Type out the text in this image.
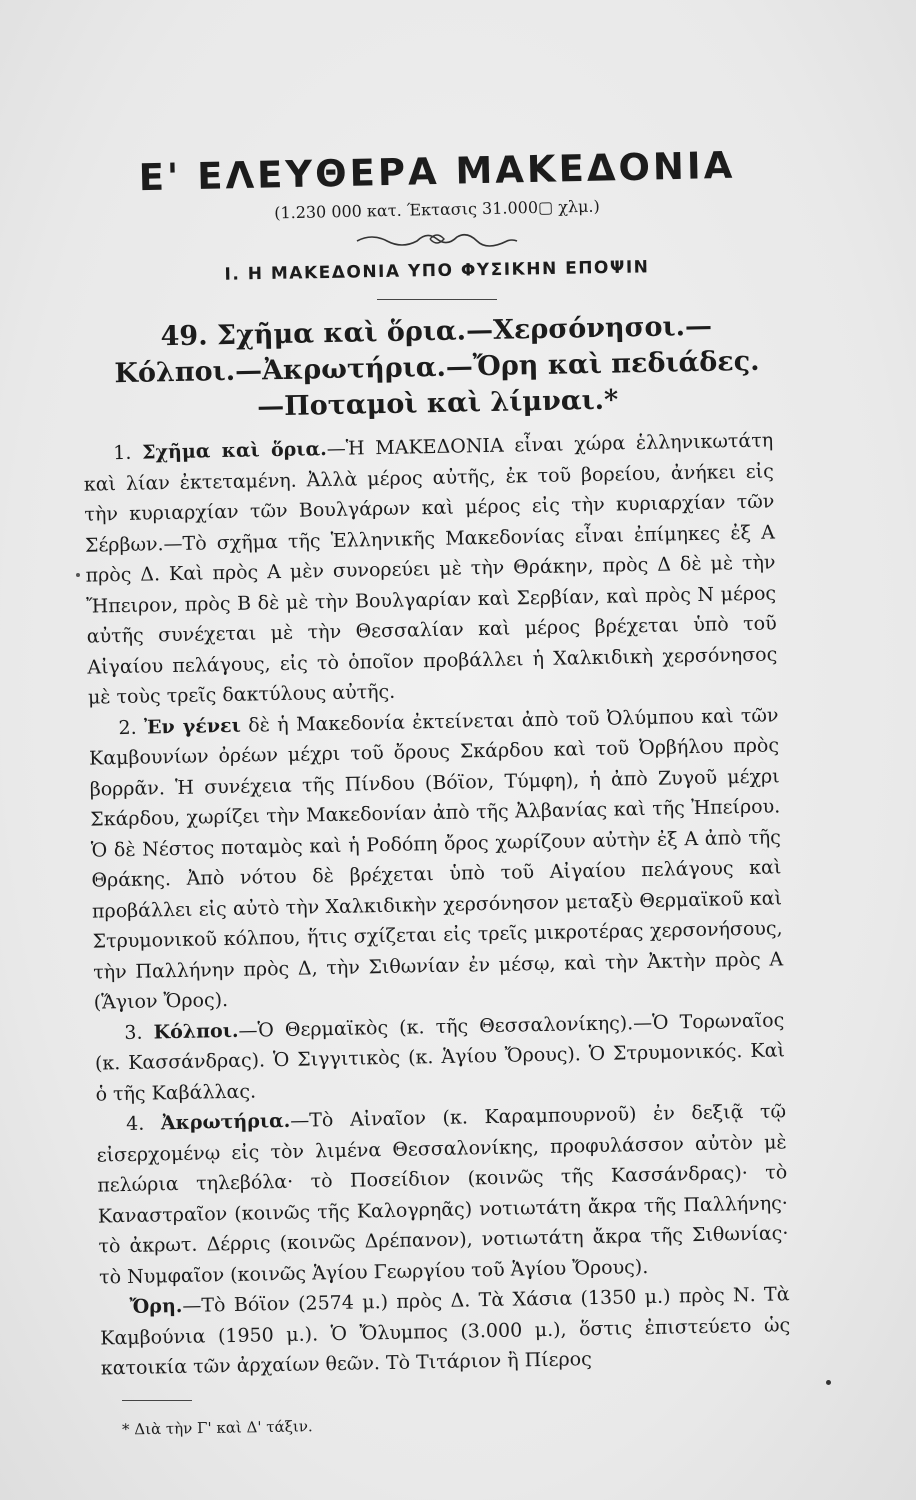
Ε' ΕΛΕΥΘΕΡΑ ΜΑΚΕΔΟΝΙΑ
(1.230 000 κατ. Έκτασις 31.000▢ χλμ.)
Ι. Η ΜΑΚΕΔΟΝΙΑ ΥΠΟ ΦΥΣΙΚΗΝ ΕΠΟΨΙΝ
49. Σχῆμα καὶ ὅρια.—Χερσόνησοι.—Κόλποι.—Ἀκρωτήρια.—Ὄρη καὶ πεδιάδες.—Ποταμοὶ καὶ λίμναι.*

1. Σχῆμα καὶ ὅρια.—Ἡ ΜΑΚΕΔΟΝΙΑ εἶναι χώρα ἑλληνικωτάτη καὶ λίαν ἐκτεταμένη. Ἀλλὰ μέρος αὐτῆς, ἐκ τοῦ βορείου, ἀνήκει εἰς τὴν κυριαρχίαν τῶν Βουλγάρων καὶ μέρος εἰς τὴν κυριαρχίαν τῶν Σέρβων.—Τὸ σχῆμα τῆς Ἑλληνικῆς Μακεδονίας εἶναι ἐπίμηκες ἐξ Α πρὸς Δ. Καὶ πρὸς Α μὲν συνορεύει μὲ τὴν Θράκην, πρὸς Δ δὲ μὲ τὴν Ἤπειρον, πρὸς Β δὲ μὲ τὴν Βουλγαρίαν καὶ Σερβίαν, καὶ πρὸς Ν μέρος αὐτῆς συνέχεται μὲ τὴν Θεσσαλίαν καὶ μέρος βρέχεται ὑπὸ τοῦ Αἰγαίου πελάγους, εἰς τὸ ὁποῖον προβάλλει ἡ Χαλκιδικὴ χερσόνησος μὲ τοὺς τρεῖς δακτύλους αὐτῆς.

2. Ἐν γένει δὲ ἡ Μακεδονία ἐκτείνεται ἀπὸ τοῦ Ὀλύμπου καὶ τῶν Καμβουνίων ὀρέων μέχρι τοῦ ὄρους Σκάρδου καὶ τοῦ Ὀρβήλου πρὸς βορρᾶν. Ἡ συνέχεια τῆς Πίνδου (Βόϊον, Τύμφη), ἡ ἀπὸ Ζυγοῦ μέχρι Σκάρδου, χωρίζει τὴν Μακεδονίαν ἀπὸ τῆς Ἀλβανίας καὶ τῆς Ἠπείρου. Ὁ δὲ Νέστος ποταμὸς καὶ ἡ Ροδόπη ὄρος χωρίζουν αὐτὴν ἐξ Α ἀπὸ τῆς Θράκης. Ἀπὸ νότου δὲ βρέχεται ὑπὸ τοῦ Αἰγαίου πελάγους καὶ προβάλλει εἰς αὐτὸ τὴν Χαλκιδικὴν χερσόνησον μεταξὺ Θερμαϊκοῦ καὶ Στρυμονικοῦ κόλπου, ἥτις σχίζεται εἰς τρεῖς μικροτέρας χερσονήσους, τὴν Παλλήνην πρὸς Δ, τὴν Σιθωνίαν ἐν μέσῳ, καὶ τὴν Ἀκτὴν πρὸς Α (Ἅγιον Ὄρος).

3. Κόλποι.—Ὁ Θερμαϊκὸς (κ. τῆς Θεσσαλονίκης).—Ὁ Τορωναῖος (κ. Κασσάνδρας). Ὁ Σιγγιτικὸς (κ. Ἁγίου Ὄρους). Ὁ Στρυμονικός. Καὶ ὁ τῆς Καβάλλας.

4. Ἀκρωτήρια.—Τὸ Αἰναῖον (κ. Καραμπουρνοῦ) ἐν δεξιᾷ τῷ εἰσερχομένῳ εἰς τὸν λιμένα Θεσσαλονίκης, προφυλάσσον αὐτὸν μὲ πελώρια τηλεβόλα· τὸ Ποσείδιον (κοινῶς τῆς Κασσάνδρας)· τὸ Καναστραῖον (κοινῶς τῆς Καλογρηᾶς) νοτιωτάτη ἄκρα τῆς Παλλήνης· τὸ ἀκρωτ. Δέρρις (κοινῶς Δρέπανον), νοτιωτάτη ἄκρα τῆς Σιθωνίας· τὸ Νυμφαῖον (κοινῶς Ἁγίου Γεωργίου τοῦ Ἁγίου Ὄρους).

Ὄρη.—Τὸ Βόϊον (2574 μ.) πρὸς Δ. Τὰ Χάσια (1350 μ.) πρὸς Ν. Τὰ Καμβούνια (1950 μ.). Ὁ Ὄλυμπος (3.000 μ.), ὅστις ἐπιστεύετο ὡς κατοικία τῶν ἀρχαίων θεῶν. Τὸ Τιτάριον ἢ Πίερος

* Διὰ τὴν Γ' καὶ Δ' τάξιν.
